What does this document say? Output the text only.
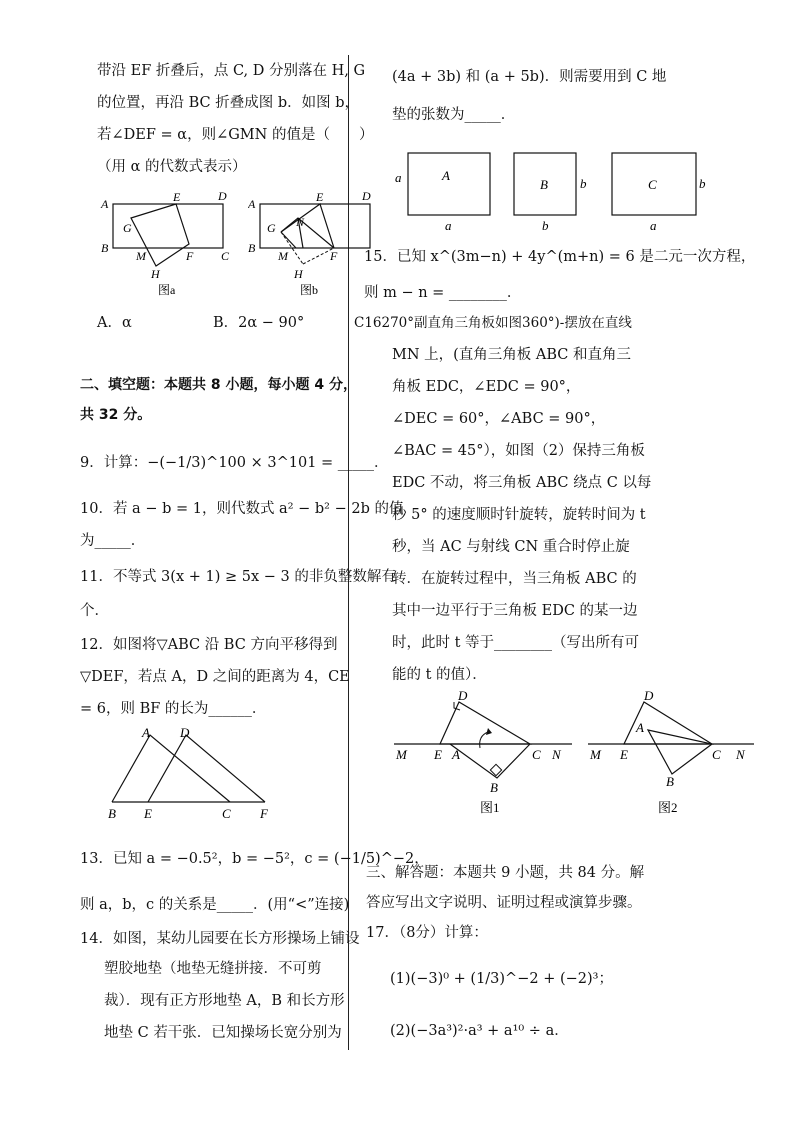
带沿 EF 折叠后，点 C, D 分别落在 H, G
的位置，再沿 BC 折叠成图 b．如图 b，
若∠DEF = α，则∠GMN 的值是（　　）
（用 α 的代数式表示）
A	E	D
G
B
M	F C
H
图a
A	E	D
N
G
B
M	F
H
图b
A．α	B．2α − 90°
二、填空题：本题共 8 小题，每小题 4 分，
共 32 分。
9．计算：−(−1/3)^100 × 3^101 = _____．
10．若 a − b = 1，则代数式 a² − b² − 2b 的值
为_____．
11．不等式 3(x + 1) ≥ 5x − 3 的非负整数解有
个．
12．如图将▽ABC 沿 BC 方向平移得到
▽DEF，若点 A，D 之间的距离为 4，CE
= 6，则 BF 的长为______．
A D
B E	C F
13．已知 a = −0.5²，b = −5²，c = (−1/5)^−2，
则 a，b，c 的关系是_____．(用“<”连接)
14．如图，某幼儿园要在长方形操场上铺设
塑胶地垫（地垫无缝拼接．不可剪
裁）．现有正方形地垫 A，B 和长方形
地垫 C 若干张．已知操场长宽分别为
(4a + 3b) 和 (a + 5b)．则需要用到 C 地
垫的张数为_____．
A
a
a
B b
b
C	b
a
15．已知 x^(3m−n) + 4y^(m+n) = 6 是二元一次方程，
则 m − n = ________．
C16270°副直角三角板如图360°)-摆放在直线
MN 上，(直角三角板 ABC 和直角三
角板 EDC，∠EDC = 90°，
∠DEC = 60°，∠ABC = 90°，
∠BAC = 45°），如图（2）保持三角板
EDC 不动，将三角板 ABC 绕点 C 以每
秒 5° 的速度顺时针旋转，旋转时间为 t
秒，当 AC 与射线 CN 重合时停止旋
转．在旋转过程中，当三角板 ABC 的
其中一边平行于三角板 EDC 的某一边
时，此时 t 等于________（写出所有可
能的 t 的值）．
D
M E A	C N
B
图1
D
M E
A
C N
B
图2
三、解答题：本题共 9 小题，共 84 分。解
答应写出文字说明、证明过程或演算步骤。
17．（8分）计算：
(1)(−3)⁰ + (1/3)^−2 + (−2)³；
(2)(−3a³)²·a³ + a¹⁰ ÷ a．
